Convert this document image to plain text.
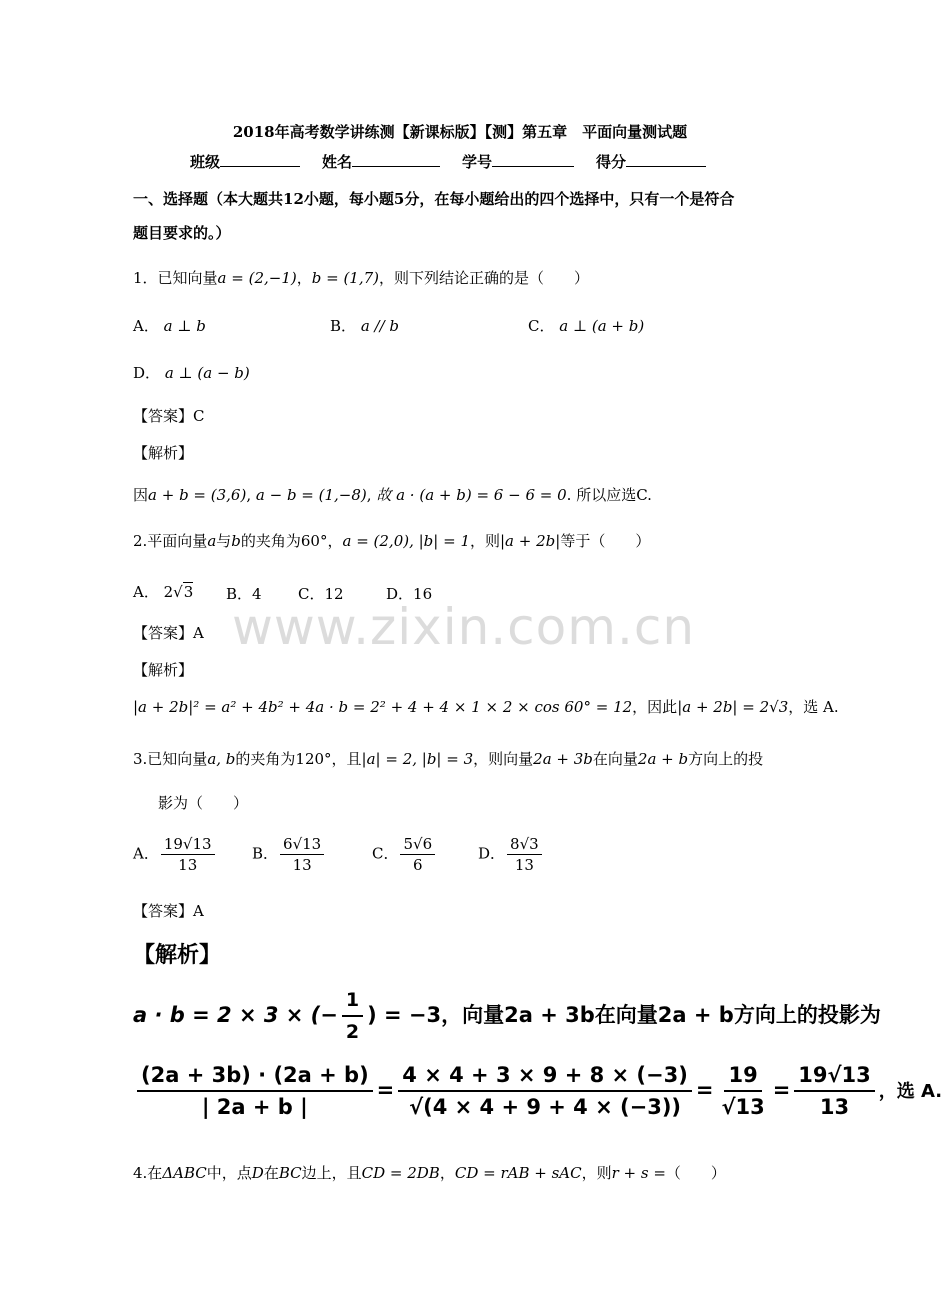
www.zixin.com.cn
2018年高考数学讲练测【新课标版】【测】第五章　平面向量测试题
班级	姓名	学号	得分
一、选择题（本大题共12小题，每小题5分，在每小题给出的四个选择中，只有一个是符合
题目要求的。）
1．已知向量a = (2,−1)，b = (1,7)，则下列结论正确的是（　　）
A． a ⊥ b	B． a // b	C． a ⊥ (a + b)
D． a ⊥ (a − b)
【答案】C
【解析】
因a + b = (3,6), a − b = (1,−8), 故 a · (a + b) = 6 − 6 = 0. 所以应选C.
2.平面向量a与b的夹角为60°，a = (2,0), |b| = 1，则|a + 2b|等于（　　）
A． 2√3 B．4 C．12	D．16
【答案】A
【解析】
|a + 2b|² = a² + 4b² + 4a · b = 2² + 4 + 4 × 1 × 2 × cos 60° = 12，因此|a + 2b| = 2√3，选 A.
3.已知向量a, b的夹角为120°，且|a| = 2, |b| = 3，则向量2a + 3b在向量2a + b方向上的投
影为（　　）
A． $\frac{19√13}{13}$ B． $\frac{6√13}{13}$	C． $\frac{5√6}{6}$	D． $\frac{8√3}{13}$
【答案】A
【解析】
a · b = 2 × 3 × (− $\frac{1}{2}$ ) = −3，向量2a + 3b在向量2a + b方向上的投影为
$\frac{(2a + 3b) \cdot (2a + b)}{| 2a + b |} = \frac{4 \times 4 + 3 \times 9 + 8 \times (-3)}{√(4 \times 4 + 9 + 4 \times (-3))} = \frac{19}{√13} = \frac{19√13}{13}$ ，选 A.
4.在ΔABC中，点D在BC边上，且CD = 2DB，CD = rAB + sAC，则r + s =（　　）
